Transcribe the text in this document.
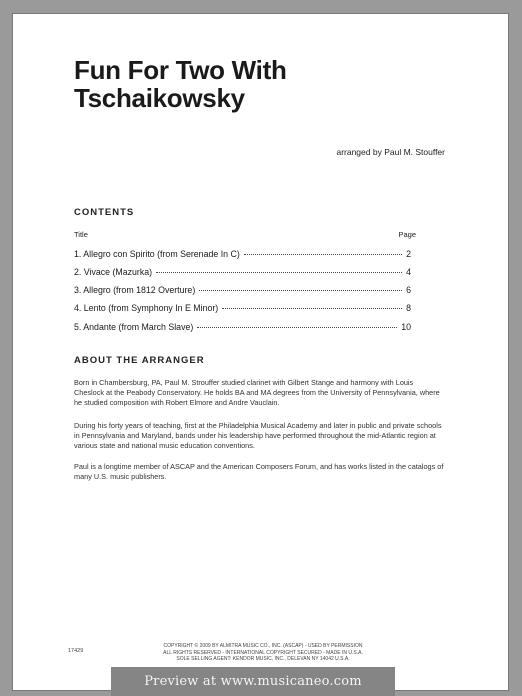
Fun For Two With
Tschaikowsky
arranged by Paul M. Stouffer
CONTENTS
Title	Page
1. Allegro con Spirito (from Serenade In C)	2
2. Vivace (Mazurka)	4
3. Allegro (from 1812 Overture)	6
4. Lento (from Symphony In E Minor)	8
5. Andante (from March Slave)	10
ABOUT THE ARRANGER
Born in Chambersburg, PA, Paul M. Strouffer studied clarinet with Gilbert Stange and harmony with Louis Cheslock at the Peabody Conservatory. He holds BA and MA degrees from the University of Pennsylvania, where he studied composition with Robert Elmore and Andre Vauclain.
During his forty years of teaching, first at the Philadelphia Musical Academy and later in public and private schools in Pennsylvania and Maryland, bands under his leadership have performed throughout the mid-Atlantic region at various state and national music education conventions.
Paul is a longtime member of ASCAP and the American Composers Forum, and has works listed in the catalogs of many U.S. music publishers.
17429
COPYRIGHT © 2009 BY ALMITRA MUSIC CO., INC. (ASCAP) - USED BY PERMISSION
ALL RIGHTS RESERVED - INTERNATIONAL COPYRIGHT SECURED - MADE IN U.S.A.
SOLE SELLING AGENT: KENDOR MUSIC, INC., DELEVAN NY 14042 U.S.A.
Preview at www.musicaneo.com
